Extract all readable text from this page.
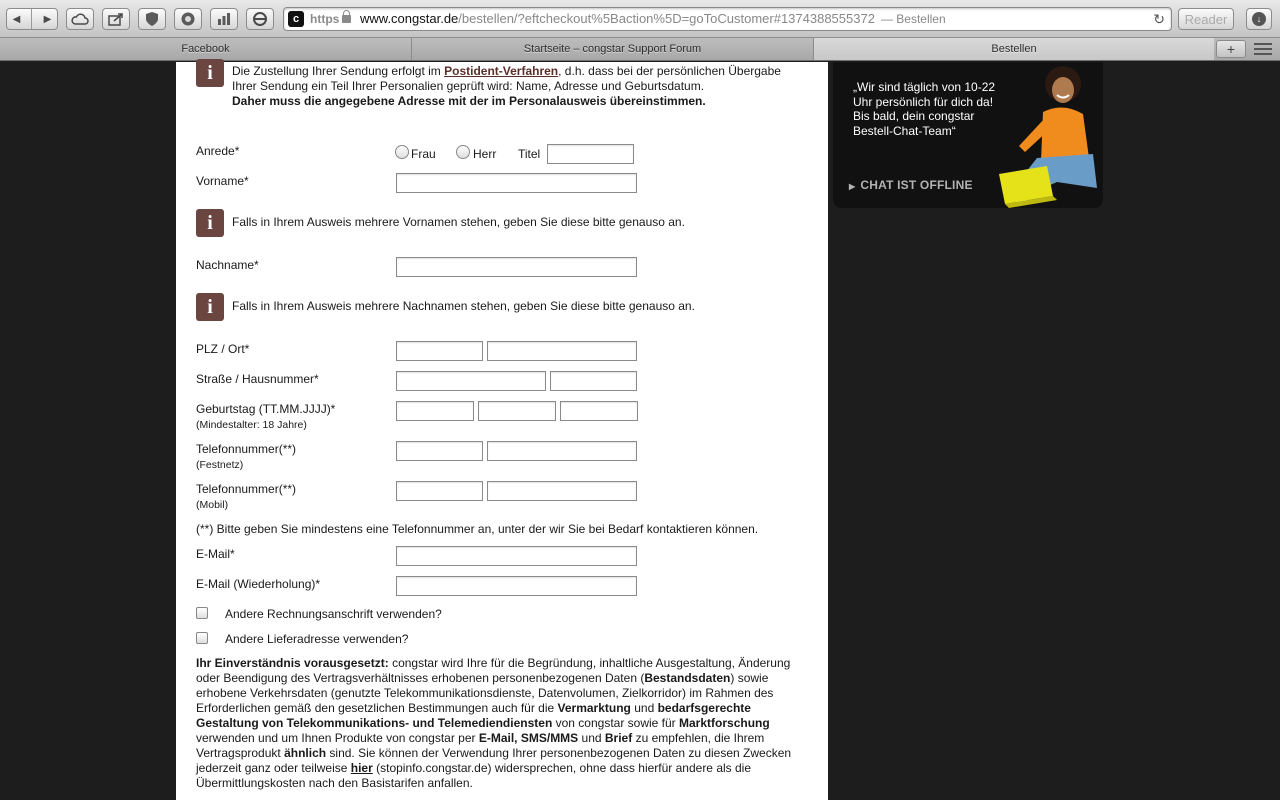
◀ ▶	c https www.congstar.de/bestellen/?eftcheckout%5Baction%5D=goToCustomer#1374388555372 — Bestellen	↻	Reader	↓
Facebook	Startseite – congstar Support Forum	Bestellen	+
i	Die Zustellung Ihrer Sendung erfolgt im Postident-Verfahren, d.h. dass bei der persönlichen Übergabe
Ihrer Sendung ein Teil Ihrer Personalien geprüft wird: Name, Adresse und Geburtsdatum.
Daher muss die angegebene Adresse mit der im Personalausweis übereinstimmen.
Anrede*	Frau	Herr Titel
Vorname*
i	Falls in Ihrem Ausweis mehrere Vornamen stehen, geben Sie diese bitte genauso an.
Nachname*
i	Falls in Ihrem Ausweis mehrere Nachnamen stehen, geben Sie diese bitte genauso an.
PLZ / Ort*
Straße / Hausnummer*
Geburtstag (TT.MM.JJJJ)*
(Mindestalter: 18 Jahre)
Telefonnummer(**)
(Festnetz)
Telefonnummer(**)
(Mobil)
(**) Bitte geben Sie mindestens eine Telefonnummer an, unter der wir Sie bei Bedarf kontaktieren können.
E-Mail*
E-Mail (Wiederholung)*
Andere Rechnungsanschrift verwenden?
Andere Lieferadresse verwenden?
Ihr Einverständnis vorausgesetzt: congstar wird Ihre für die Begründung, inhaltliche Ausgestaltung, Änderung oder Beendigung des Vertragsverhältnisses erhobenen personenbezogenen Daten (Bestandsdaten) sowie erhobene Verkehrsdaten (genutzte Telekommunikationsdienste, Datenvolumen, Zielkorridor) im Rahmen des Erforderlichen gemäß den gesetzlichen Bestimmungen auch für die Vermarktung und bedarfsgerechte Gestaltung von Telekommunikations- und Telemediendiensten von congstar sowie für Marktforschung verwenden und um Ihnen Produkte von congstar per E-Mail, SMS/MMS und Brief zu empfehlen, die Ihrem Vertragsprodukt ähnlich sind. Sie können der Verwendung Ihrer personenbezogenen Daten zu diesen Zwecken jederzeit ganz oder teilweise hier (stopinfo.congstar.de) widersprechen, ohne dass hierfür andere als die Übermittlungskosten nach den Basistarifen anfallen.
„Wir sind täglich von 10-22 Uhr persönlich für dich da! Bis bald, dein congstar Bestell-Chat-Team“
▶ CHAT IST OFFLINE
